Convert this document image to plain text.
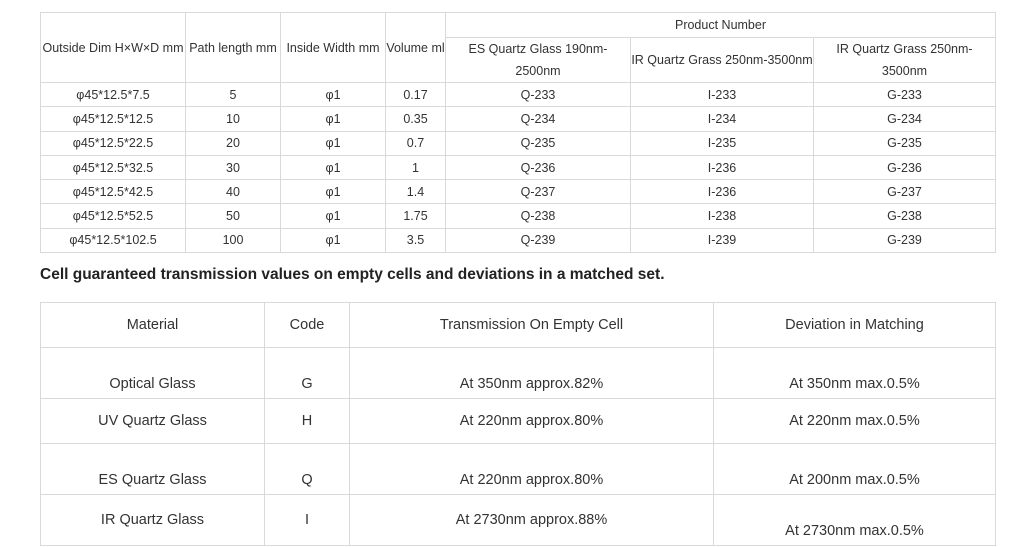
Outside Dim H×W×D mm	Path length mm	Inside Width mm	Volume ml	Product Number		
				ES Quartz Glass 190nm-2500nm	IR Quartz Grass 250nm-3500nm	IR Quartz Grass 250nm-3500nm
φ45*12.5*7.5	5	φ1	0.17	Q-233	I-233	G-233
φ45*12.5*12.5	10	φ1	0.35	Q-234	I-234	G-234
φ45*12.5*22.5	20	φ1	0.7	Q-235	I-235	G-235
φ45*12.5*32.5	30	φ1	1	Q-236	I-236	G-236
φ45*12.5*42.5	40	φ1	1.4	Q-237	I-236	G-237
φ45*12.5*52.5	50	φ1	1.75	Q-238	I-238	G-238
φ45*12.5*102.5	100	φ1	3.5	Q-239	I-239	G-239
Cell guaranteed transmission values on empty cells and deviations in a matched set.
Material	Code	Transmission On Empty Cell	Deviation in Matching
Optical Glass	G	At 350nm approx.82%	At 350nm max.0.5%
UV Quartz Glass	H	At 220nm approx.80%	At 220nm max.0.5%
ES Quartz Glass	Q	At 220nm approx.80%	At 200nm max.0.5%
IR Quartz Glass	I	At 2730nm approx.88%	At 2730nm max.0.5%
